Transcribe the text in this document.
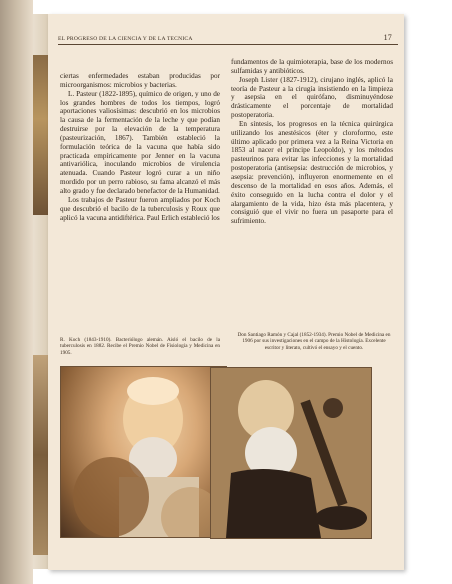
EL PROGRESO DE LA CIENCIA Y DE LA TECNICA	17

ciertas enfermedades estaban producidas por microorganismos: microbios y bacterias.

L. Pasteur (1822-1895), químico de origen, y uno de los grandes hombres de todos los tiempos, logró aportaciones valiosísimas: descubrió en los microbios la causa de la fermentación de la leche y que podían destruirse por la elevación de la temperatura (pasteurización, 1867). También estableció la formulación teórica de la vacuna que había sido practicada empíricamente por Jenner en la vacuna antivariólica, inoculando microbios de virulencia atenuada. Cuando Pasteur logró curar a un niño mordido por un perro rabioso, su fama alcanzó el más alto grado y fue declarado benefactor de la Humanidad.

Los trabajos de Pasteur fueron ampliados por Koch que descubrió el bacilo de la tuberculosis y Roux que aplicó la vacuna antidiftérica. Paul Erlich estableció los

fundamentos de la quimioterapia, base de los modernos sulfamidas y antibióticos.

Joseph Lister (1827-1912), cirujano inglés, aplicó la teoría de Pasteur a la cirugía insistiendo en la limpieza y asepsia en el quirófano, disminuyéndose drásticamente el porcentaje de mortalidad postoperatoria.

En síntesis, los progresos en la técnica quirúrgica utilizando los anestésicos (éter y cloroformo, este último aplicado por primera vez a la Reina Victoria en 1853 al nacer el príncipe Leopoldo), y los métodos pasteurinos para evitar las infecciones y la mortalidad postoperatoria (antisepsia: destrucción de microbios, y asepsia: prevención), influyeron enormemente en el descenso de la mortalidad en esos años. Además, el éxito conseguido en la lucha contra el dolor y el alargamiento de la vida, hizo ésta más placentera, y consiguió que el vivir no fuera un pasaporte para el sufrimiento.

R. Koch (1843-1910). Bacteriólogo alemán. Aisló el bacilo de la tuberculosis en 1882. Recibe el Premio Nobel de Fisiología y Medicina en 1905.
Don Santiago Ramón y Cajal (1852-1934). Premio Nobel de Medicina en 1906 por sus investigaciones en el campo de la Histología. Excelente escritor y literato, cultivó el ensayo y el cuento.
